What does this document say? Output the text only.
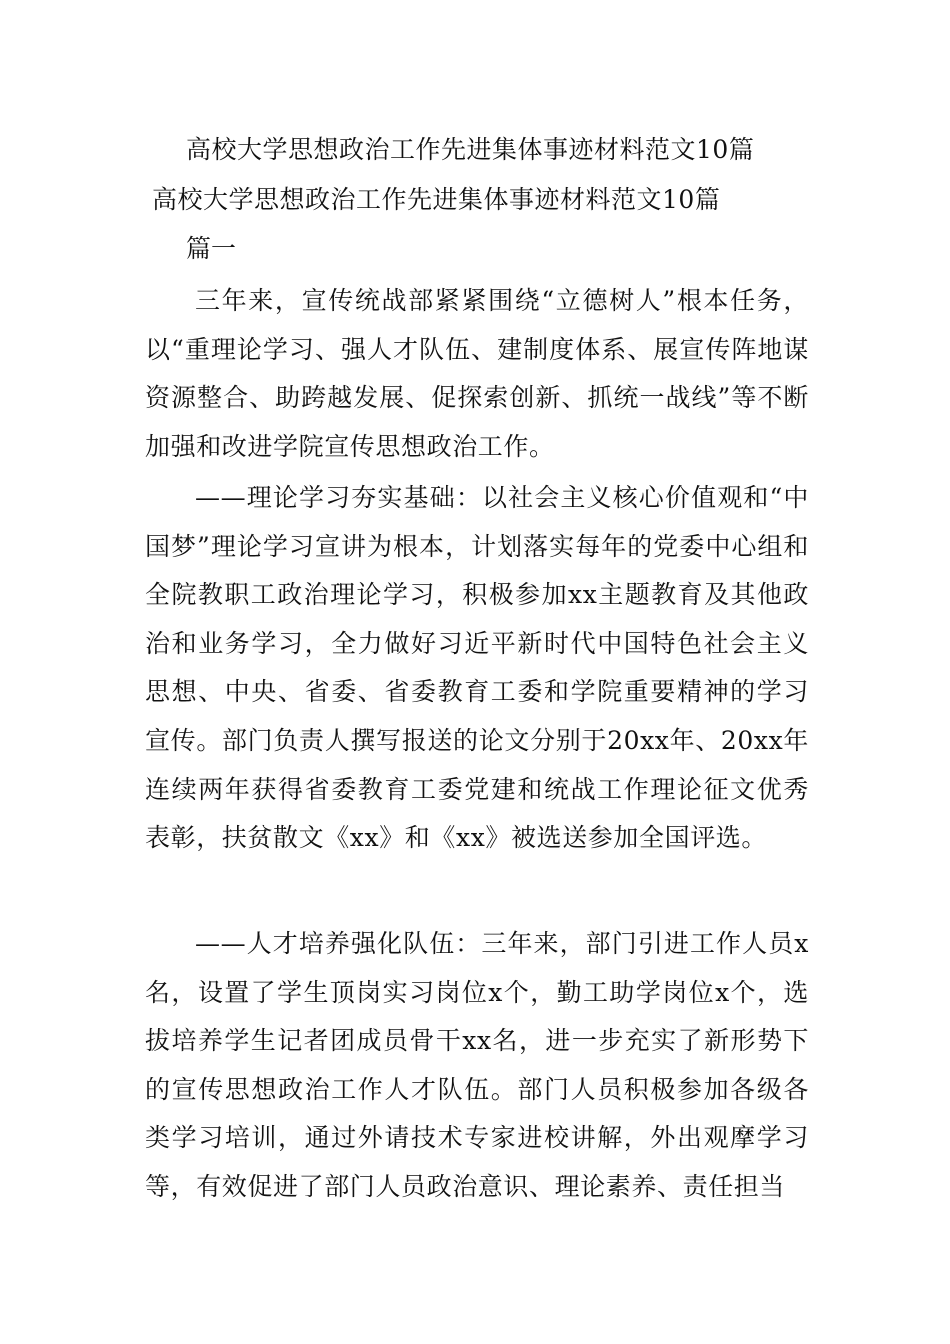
高校大学思想政治工作先进集体事迹材料范文10篇
高校大学思想政治工作先进集体事迹材料范文10篇
篇一

三年来，宣传统战部紧紧围绕“立德树人”根本任务，以“重理论学习、强人才队伍、建制度体系、展宣传阵地谋资源整合、助跨越发展、促探索创新、抓统一战线”等不断加强和改进学院宣传思想政治工作。

——理论学习夯实基础：以社会主义核心价值观和“中国梦”理论学习宣讲为根本，计划落实每年的党委中心组和全院教职工政治理论学习，积极参加xx主题教育及其他政治和业务学习，全力做好习近平新时代中国特色社会主义思想、中央、省委、省委教育工委和学院重要精神的学习宣传。部门负责人撰写报送的论文分别于20xx年、20xx年连续两年获得省委教育工委党建和统战工作理论征文优秀表彰，扶贫散文《xx》和《xx》被选送参加全国评选。

——人才培养强化队伍：三年来，部门引进工作人员x名，设置了学生顶岗实习岗位x个，勤工助学岗位x个，选拔培养学生记者团成员骨干xx名，进一步充实了新形势下的宣传思想政治工作人才队伍。部门人员积极参加各级各类学习培训，通过外请技术专家进校讲解，外出观摩学习等，有效促进了部门人员政治意识、理论素养、责任担当
